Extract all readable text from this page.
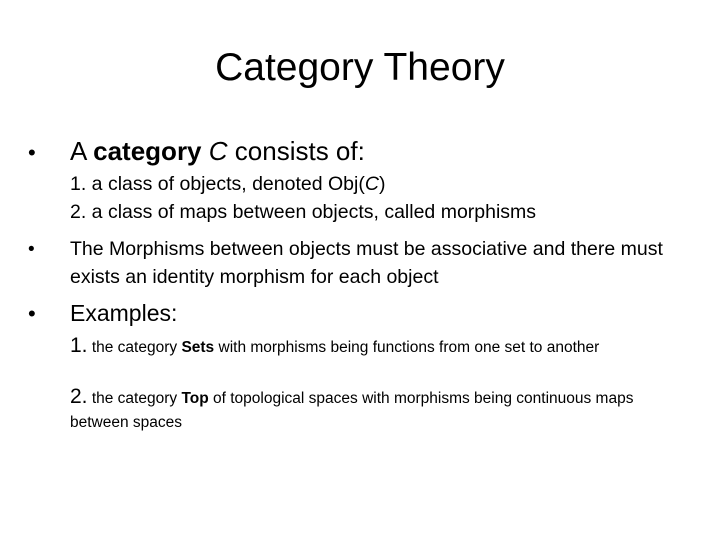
Category Theory
•	A category C consists of:
1. a class of objects, denoted Obj(C)
2. a class of maps between objects, called morphisms
•	The Morphisms between objects must be associative and there must exists an identity morphism for each object
•	Examples:
1. the category Sets with morphisms being functions from one set to another
2. the category Top of topological spaces with morphisms being continuous maps between spaces
